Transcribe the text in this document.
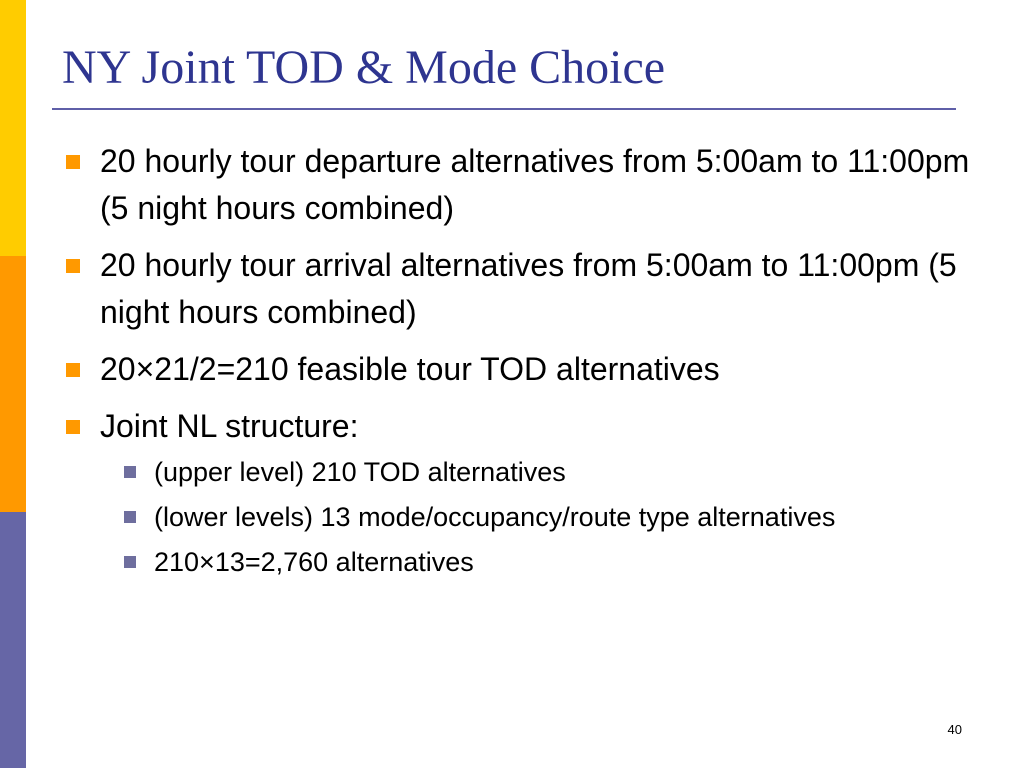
NY Joint TOD & Mode Choice
20 hourly tour departure alternatives from 5:00am to 11:00pm (5 night hours combined)
20 hourly tour arrival alternatives from 5:00am to 11:00pm (5 night hours combined)
20×21/2=210 feasible tour TOD alternatives
Joint NL structure:
(upper level) 210 TOD alternatives
(lower levels) 13 mode/occupancy/route type alternatives
210×13=2,760 alternatives
40
